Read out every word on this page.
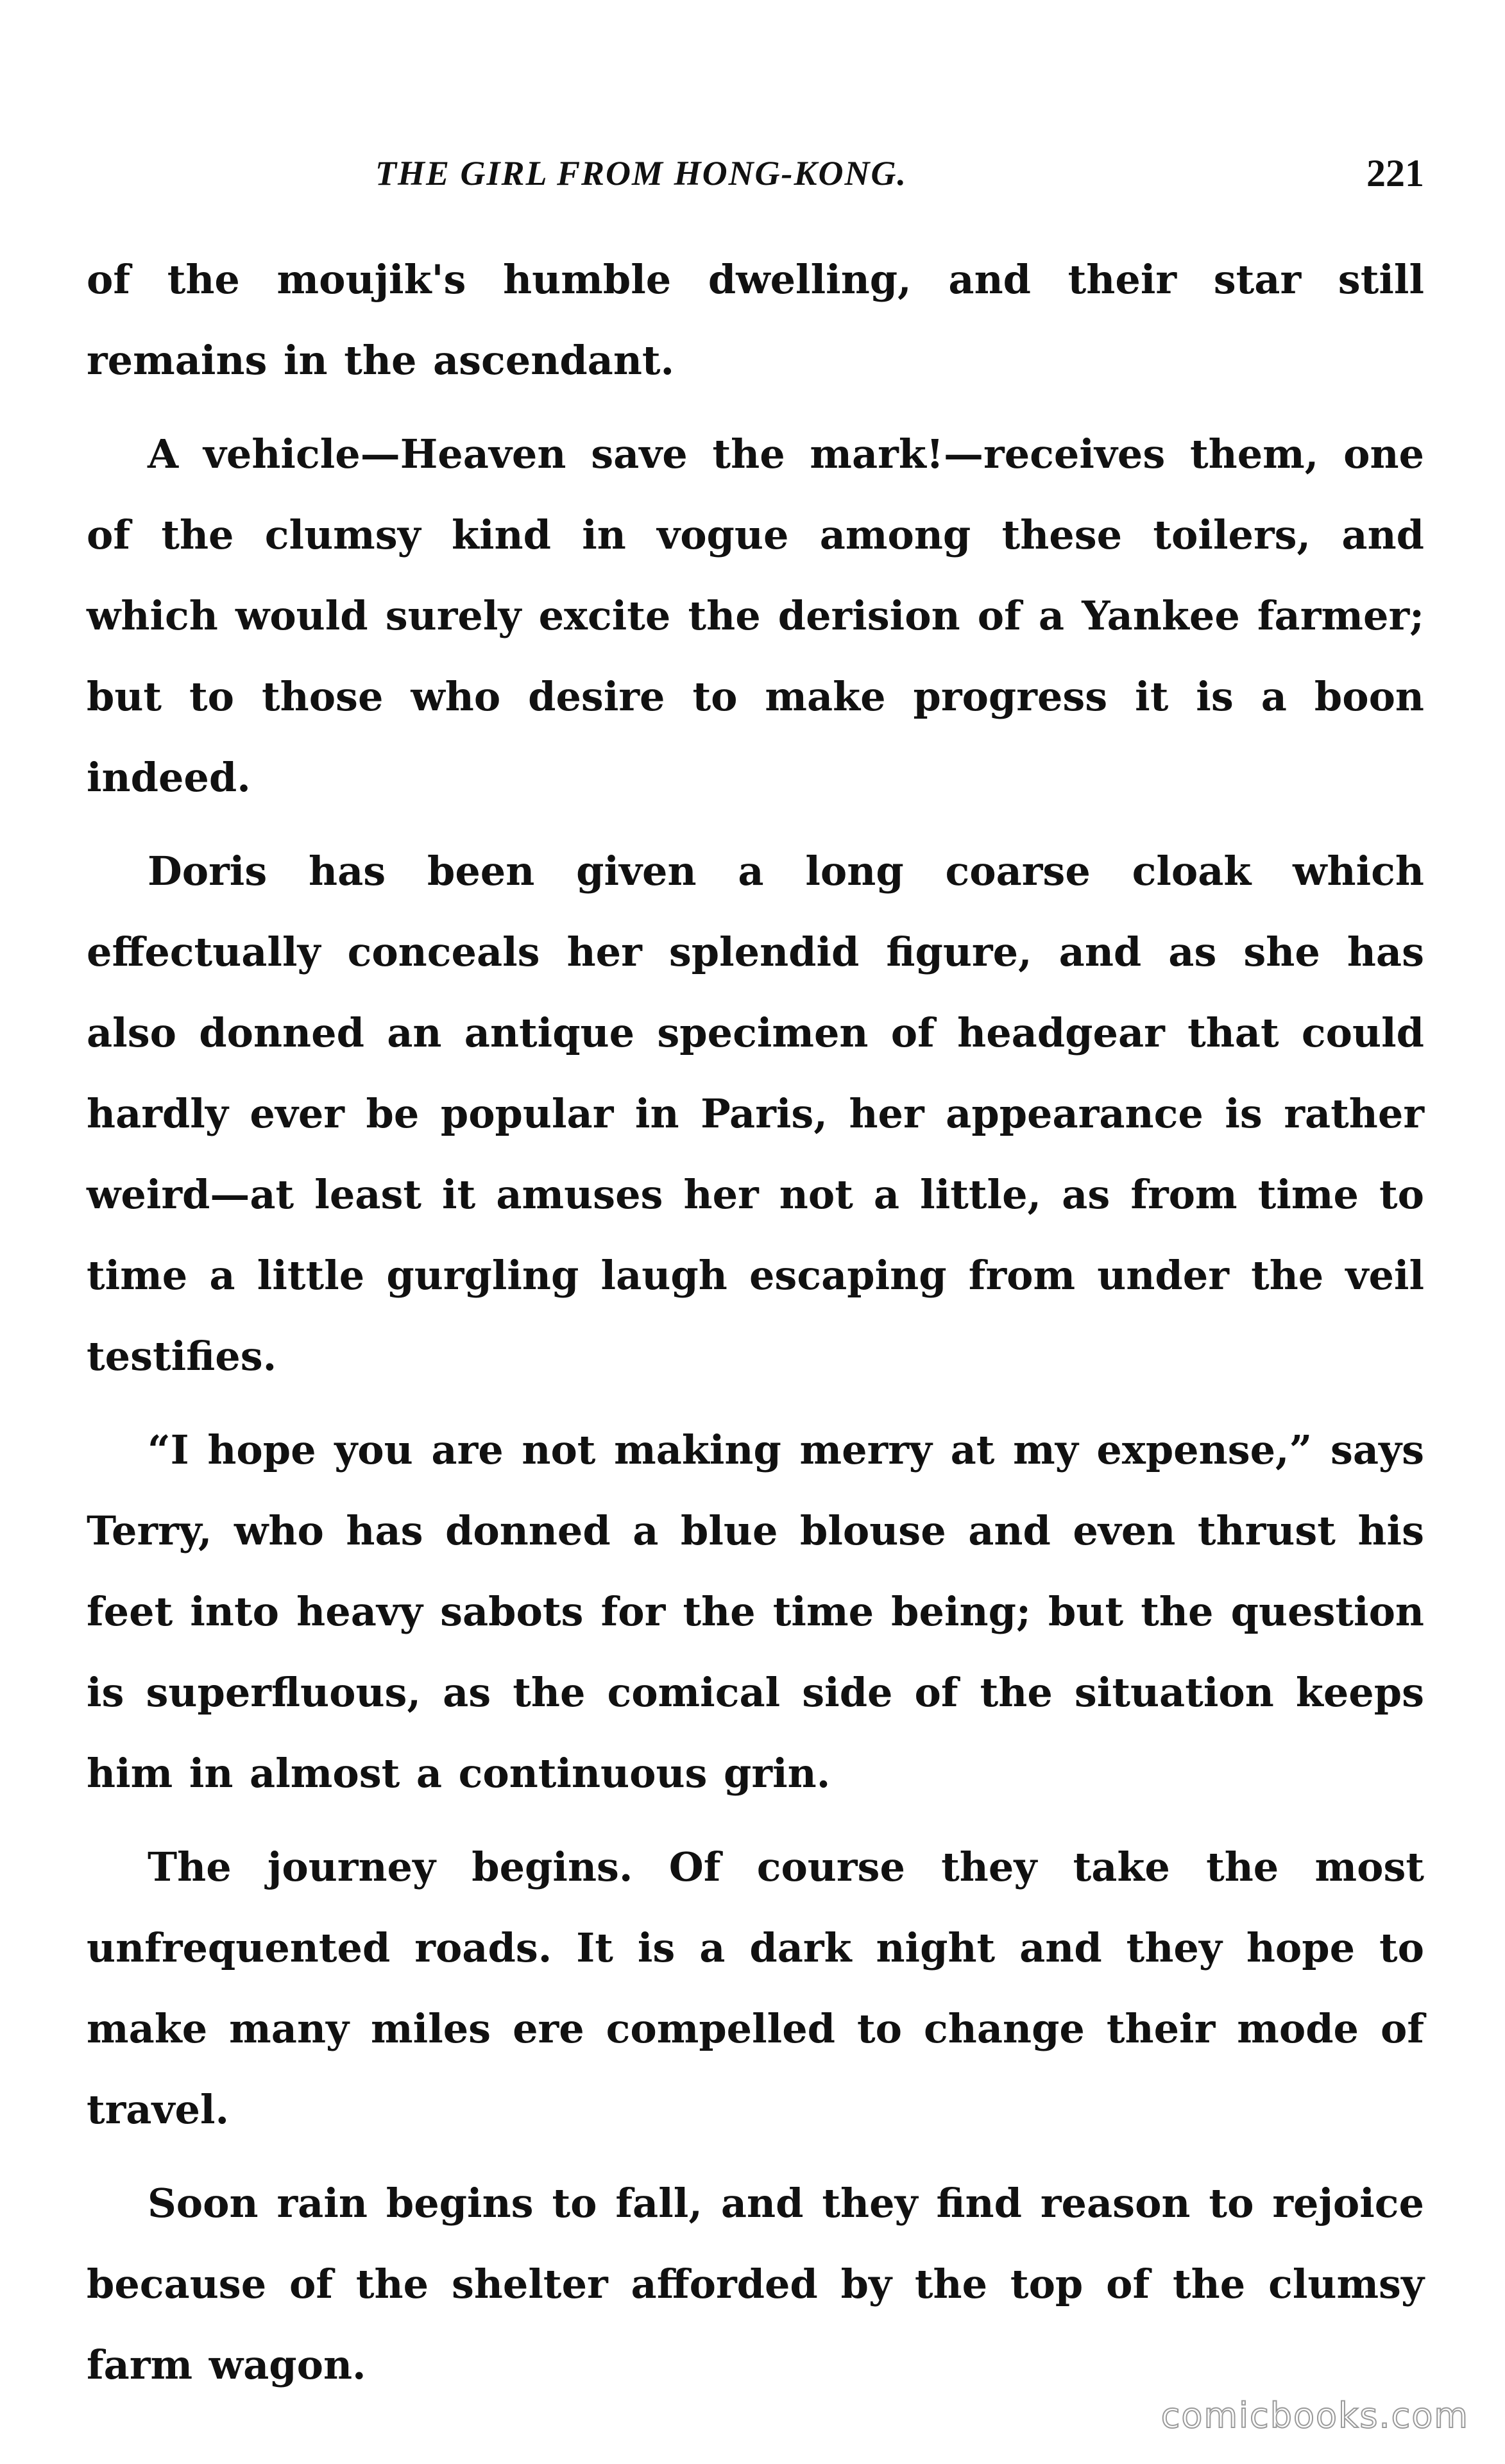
THE GIRL FROM HONG-KONG.	221

of the moujik's humble dwelling, and their star still remains in the ascendant.

A vehicle—Heaven save the mark!—receives them, one of the clumsy kind in vogue among these toilers, and which would surely excite the derision of a Yankee farmer; but to those who desire to make progress it is a boon indeed.

Doris has been given a long coarse cloak which effectually conceals her splendid figure, and as she has also donned an antique specimen of headgear that could hardly ever be popular in Paris, her appearance is rather weird—at least it amuses her not a little, as from time to time a little gurgling laugh escaping from under the veil testifies.

“I hope you are not making merry at my expense,” says Terry, who has donned a blue blouse and even thrust his feet into heavy sabots for the time being; but the question is superfluous, as the comical side of the situation keeps him in almost a continuous grin.

The journey begins. Of course they take the most unfrequented roads. It is a dark night and they hope to make many miles ere compelled to change their mode of travel.

Soon rain begins to fall, and they find reason to rejoice because of the shelter afforded by the top of the clumsy farm wagon.

comicbooks.com
